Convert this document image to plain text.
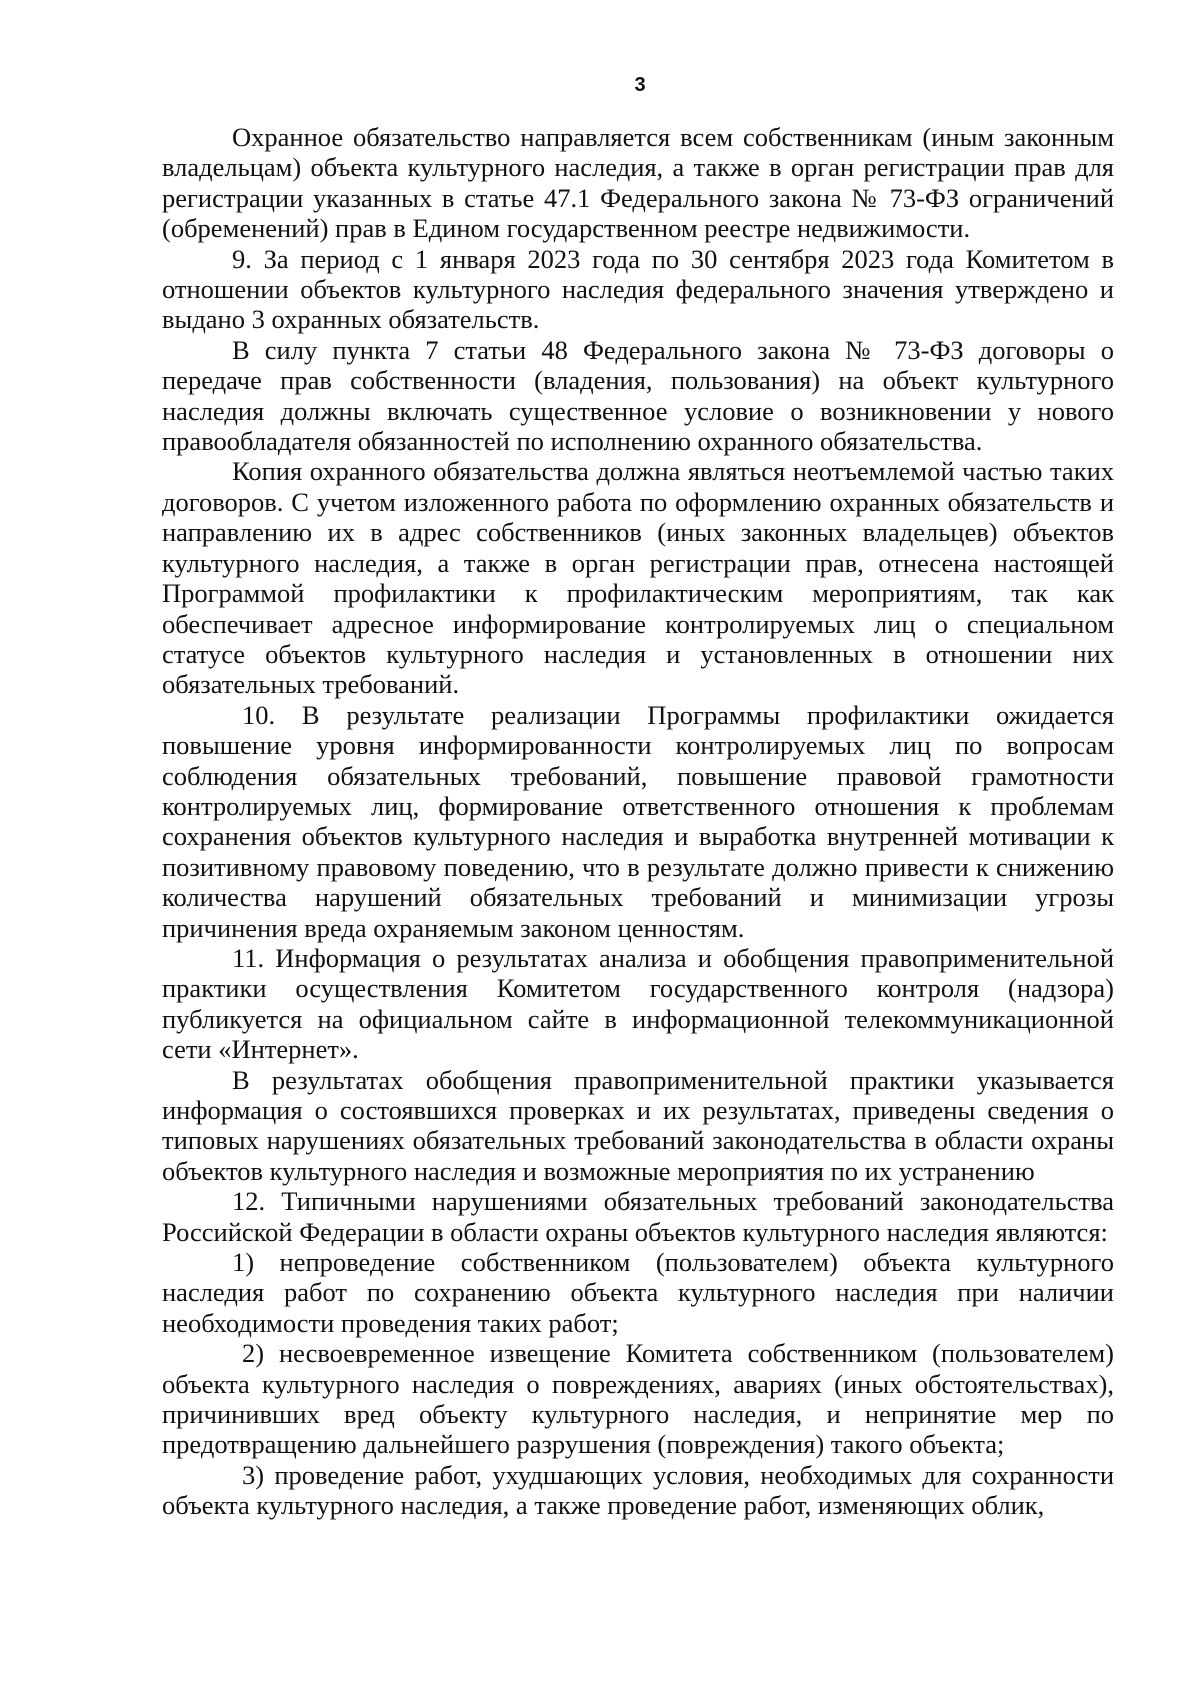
3

Охранное обязательство направляется всем собственникам (иным законным владельцам) объекта культурного наследия, а также в орган регистрации прав для регистрации указанных в статье 47.1 Федерального закона № 73-ФЗ ограничений (обременений) прав в Едином государственном реестре недвижимости.

9. За период с 1 января 2023 года по 30 сентября 2023 года Комитетом в отношении объектов культурного наследия федерального значения утверждено и выдано 3 охранных обязательств.

В силу пункта 7 статьи 48 Федерального закона № 73-ФЗ договоры о передаче прав собственности (владения, пользования) на объект культурного наследия должны включать существенное условие о возникновении у нового правообладателя обязанностей по исполнению охранного обязательства.

Копия охранного обязательства должна являться неотъемлемой частью таких договоров. С учетом изложенного работа по оформлению охранных обязательств и направлению их в адрес собственников (иных законных владельцев) объектов культурного наследия, а также в орган регистрации прав, отнесена настоящей Программой профилактики к профилактическим мероприятиям, так как обеспечивает адресное информирование контролируемых лиц о специальном статусе объектов культурного наследия и установленных в отношении них обязательных требований.

10. В результате реализации Программы профилактики ожидается повышение уровня информированности контролируемых лиц по вопросам соблюдения обязательных требований, повышение правовой грамотности контролируемых лиц, формирование ответственного отношения к проблемам сохранения объектов культурного наследия и выработка внутренней мотивации к позитивному правовому поведению, что в результате должно привести к снижению количества нарушений обязательных требований и минимизации угрозы причинения вреда охраняемым законом ценностям.

11. Информация о результатах анализа и обобщения правоприменительной практики осуществления Комитетом государственного контроля (надзора) публикуется на официальном сайте в информационной телекоммуникационной сети «Интернет».

В результатах обобщения правоприменительной практики указывается информация о состоявшихся проверках и их результатах, приведены сведения о типовых нарушениях обязательных требований законодательства в области охраны объектов культурного наследия и возможные мероприятия по их устранению

12. Типичными нарушениями обязательных требований законодательства Российской Федерации в области охраны объектов культурного наследия являются:

1) непроведение собственником (пользователем) объекта культурного наследия работ по сохранению объекта культурного наследия при наличии необходимости проведения таких работ;

2) несвоевременное извещение Комитета собственником (пользователем) объекта культурного наследия о повреждениях, авариях (иных обстоятельствах), причинивших вред объекту культурного наследия, и непринятие мер по предотвращению дальнейшего разрушения (повреждения) такого объекта;

3) проведение работ, ухудшающих условия, необходимых для сохранности объекта культурного наследия, а также проведение работ, изменяющих облик,
